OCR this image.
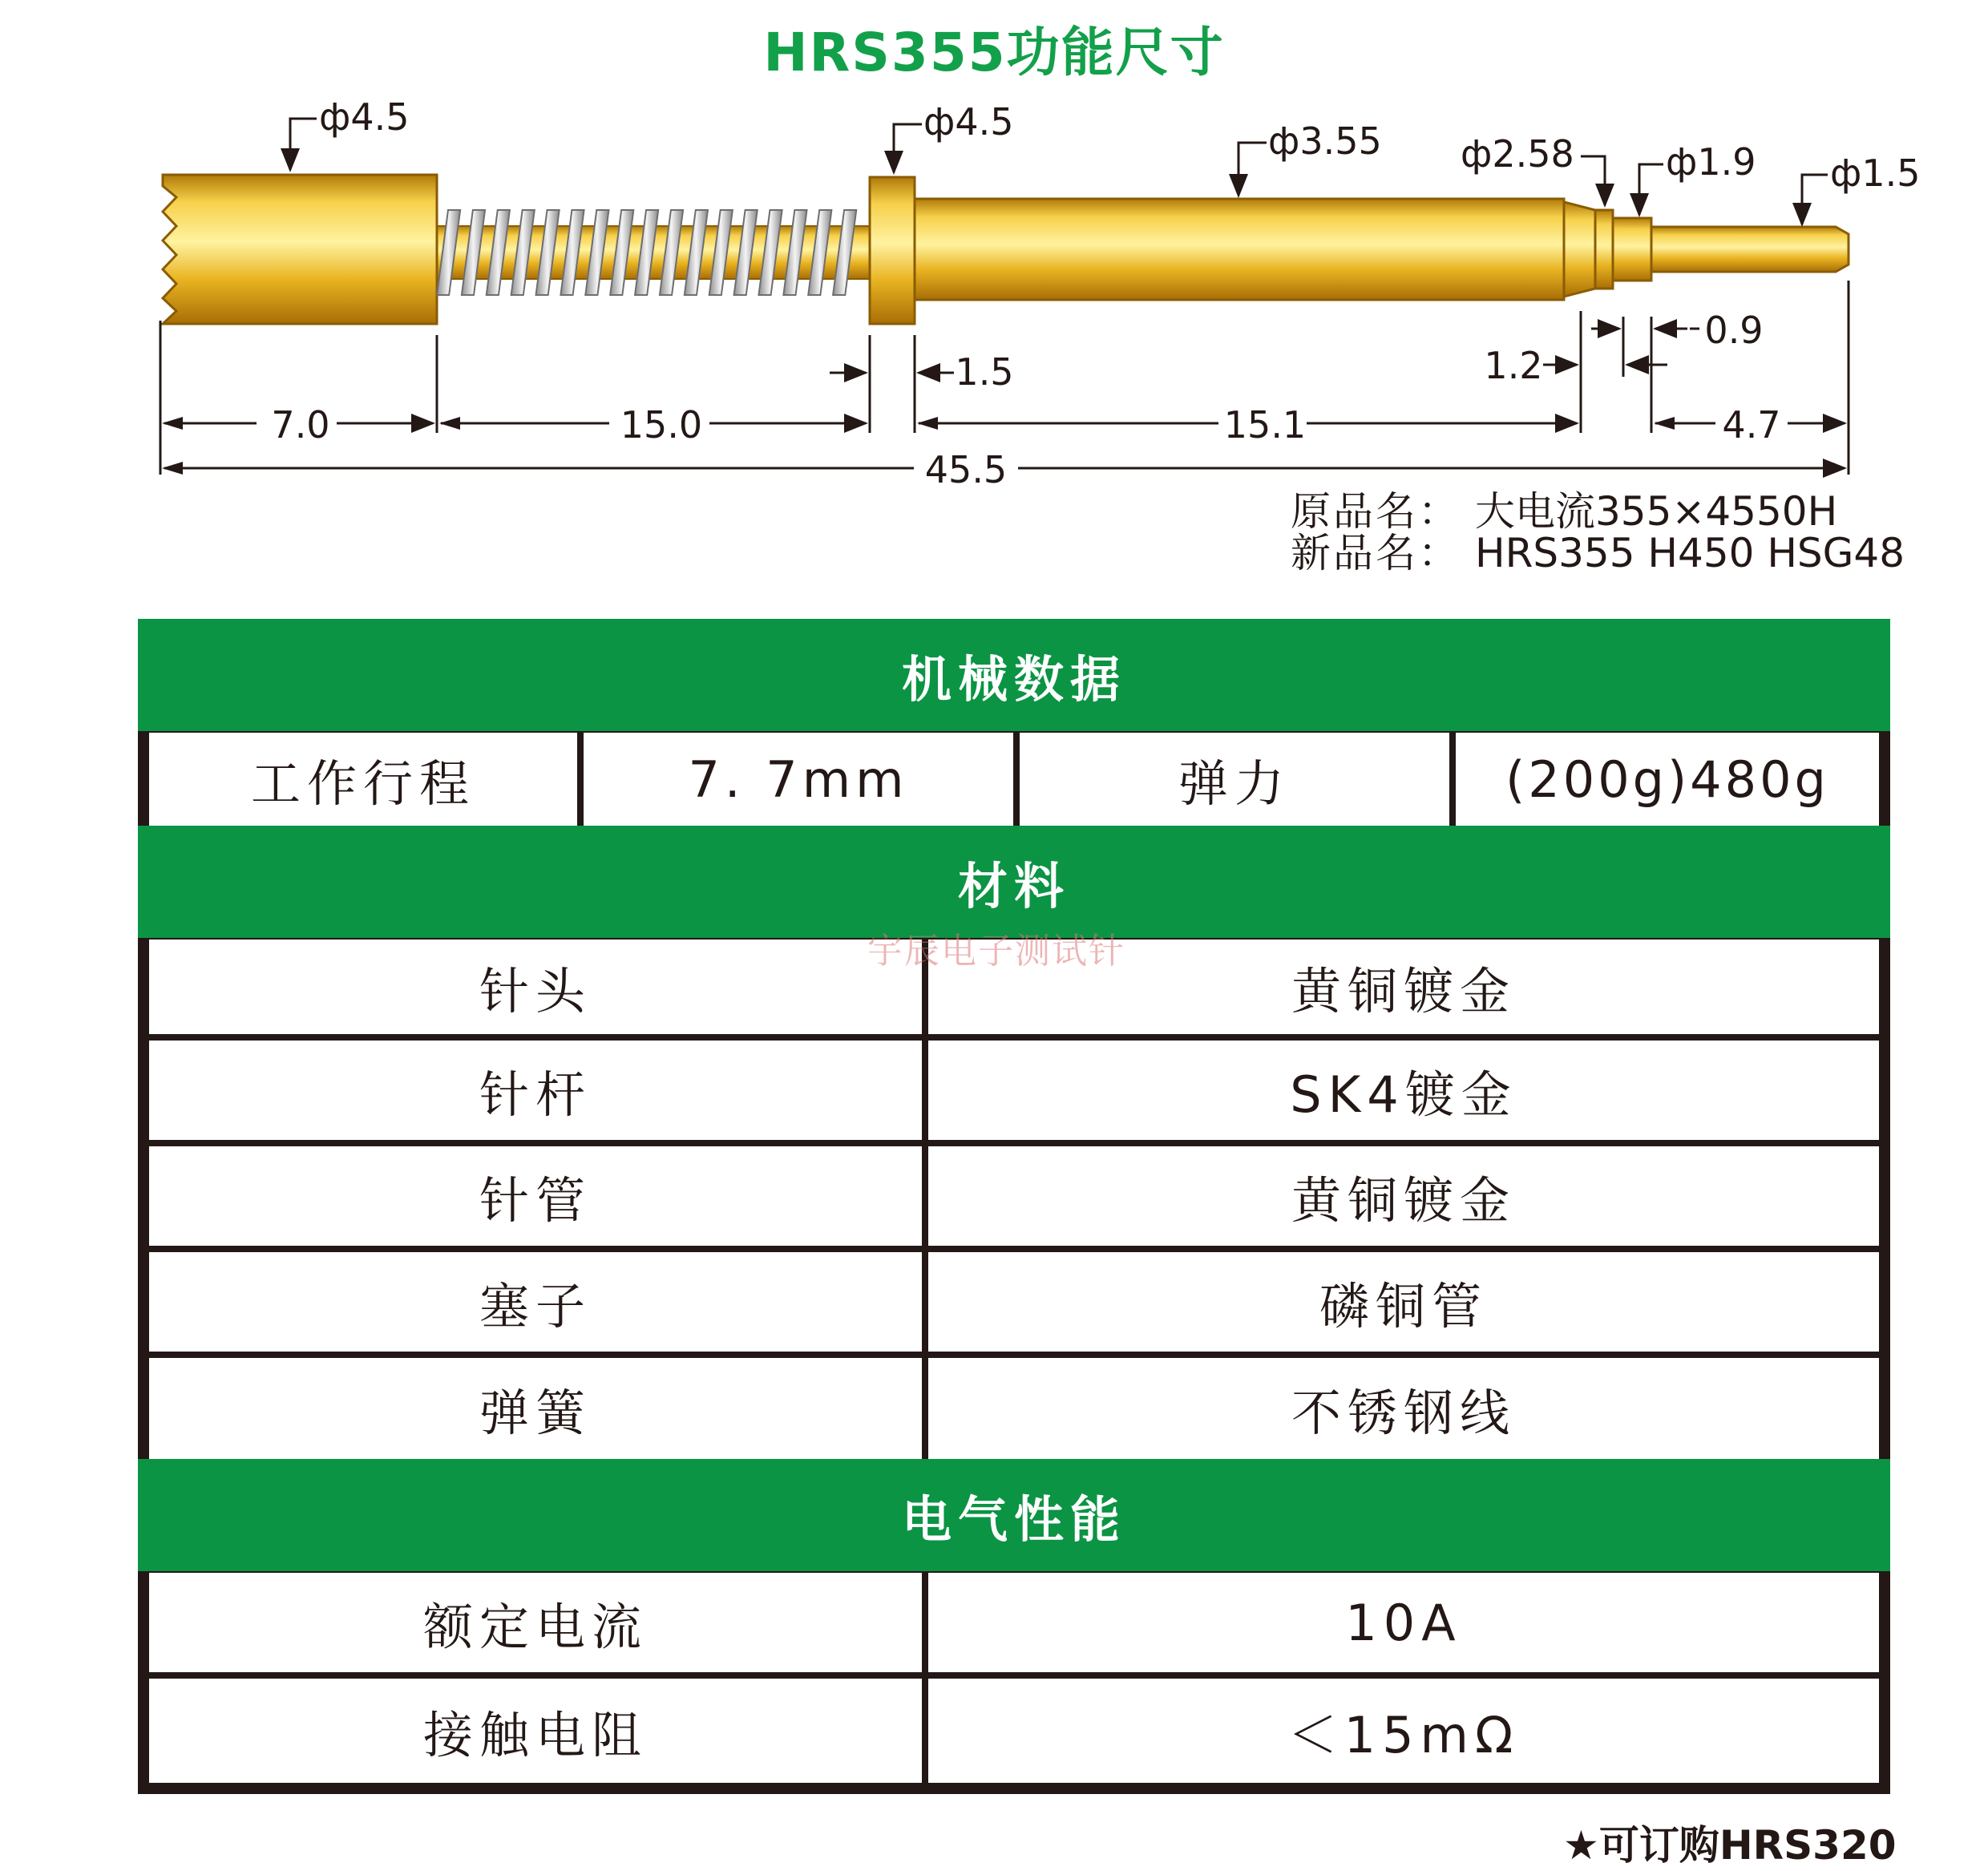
HRS355功能尺寸
7.0	15.0
1.5
15.1
1.2
0.9
4.7
45.5
ф4.5	ф4.5	ф3.55 ф2.58 ф1.9 ф1.5
原品名： 大电流355×4550H
新品名： HRS355 H450 HSG48
机械数据
工作行程	7. 7mm	弹力	(200g)480g
材料
针头	黄铜镀金
针杆	SK4镀金
针管	黄铜镀金
塞子	磷铜管
弹簧	不锈钢线
电气性能
额定电流	10A
接触电阻	＜15mΩ
宇辰电子测试针
★可订购HRS320
